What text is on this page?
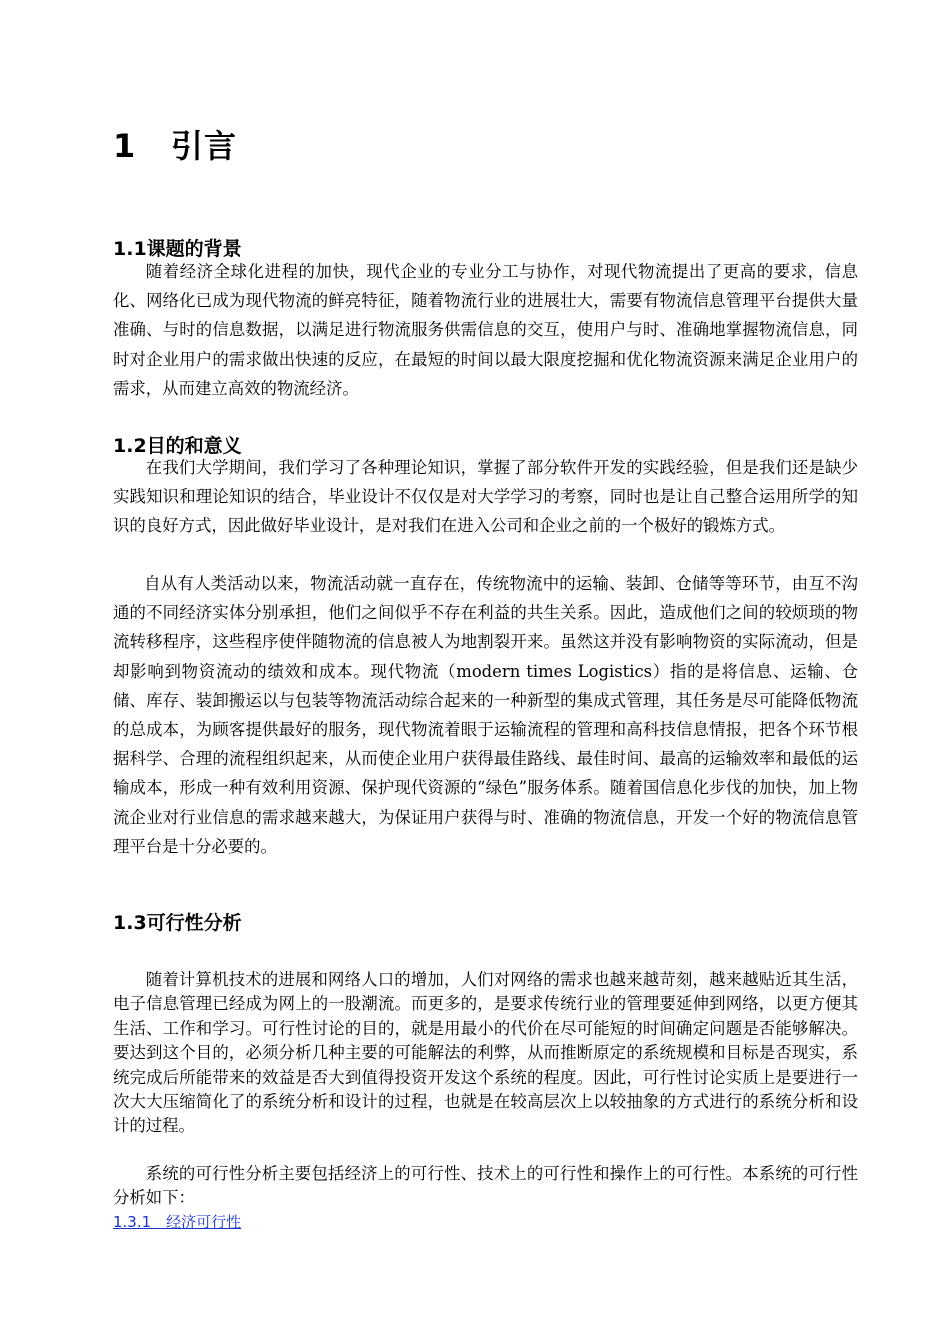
1 引言
1.1课题的背景

随着经济全球化进程的加快，现代企业的专业分工与协作，对现代物流提出了更高的要求，信息化、网络化已成为现代物流的鲜亮特征，随着物流行业的进展壮大，需要有物流信息管理平台提供大量准确、与时的信息数据，以满足进行物流服务供需信息的交互，使用户与时、准确地掌握物流信息，同时对企业用户的需求做出快速的反应，在最短的时间以最大限度挖掘和优化物流资源来满足企业用户的需求，从而建立高效的物流经济。

1.2目的和意义

在我们大学期间，我们学习了各种理论知识，掌握了部分软件开发的实践经验，但是我们还是缺少实践知识和理论知识的结合，毕业设计不仅仅是对大学学习的考察，同时也是让自己整合运用所学的知识的良好方式，因此做好毕业设计，是对我们在进入公司和企业之前的一个极好的锻炼方式。

自从有人类活动以来，物流活动就一直存在，传统物流中的运输、装卸、仓储等等环节，由互不沟通的不同经济实体分别承担，他们之间似乎不存在利益的共生关系。因此，造成他们之间的较烦琐的物流转移程序，这些程序使伴随物流的信息被人为地割裂开来。虽然这并没有影响物资的实际流动，但是却影响到物资流动的绩效和成本。现代物流（modern times Logistics）指的是将信息、运输、仓储、库存、装卸搬运以与包装等物流活动综合起来的一种新型的集成式管理，其任务是尽可能降低物流的总成本，为顾客提供最好的服务，现代物流着眼于运输流程的管理和高科技信息情报，把各个环节根据科学、合理的流程组织起来，从而使企业用户获得最佳路线、最佳时间、最高的运输效率和最低的运输成本，形成一种有效利用资源、保护现代资源的“绿色”服务体系。随着国信息化步伐的加快，加上物流企业对行业信息的需求越来越大，为保证用户获得与时、准确的物流信息，开发一个好的物流信息管理平台是十分必要的。

1.3可行性分析

随着计算机技术的进展和网络人口的增加，人们对网络的需求也越来越苛刻，越来越贴近其生活，电子信息管理已经成为网上的一股潮流。而更多的，是要求传统行业的管理要延伸到网络，以更方便其生活、工作和学习。可行性讨论的目的，就是用最小的代价在尽可能短的时间确定问题是否能够解决。要达到这个目的，必须分析几种主要的可能解法的利弊，从而推断原定的系统规模和目标是否现实，系统完成后所能带来的效益是否大到值得投资开发这个系统的程度。因此，可行性讨论实质上是要进行一次大大压缩简化了的系统分析和设计的过程，也就是在较高层次上以较抽象的方式进行的系统分析和设计的过程。

系统的可行性分析主要包括经济上的可行性、技术上的可行性和操作上的可行性。本系统的可行性分析如下：

1.3.1　经济可行性
